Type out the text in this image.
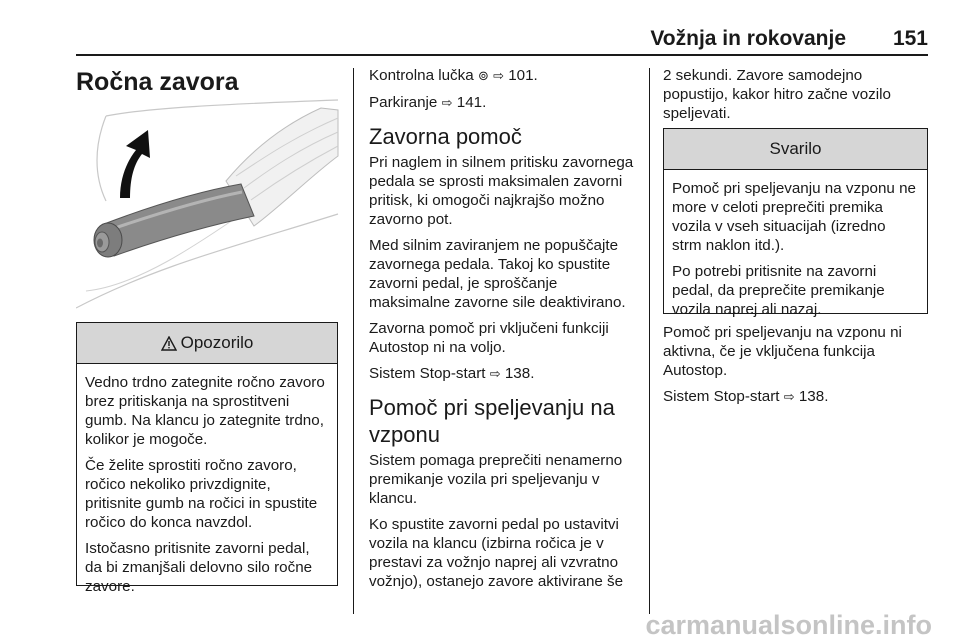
Vožnja in rokovanje 151
Ročna zavora
Opozorilo

Vedno trdno zategnite ročno zavoro brez pritiskanja na sprostitveni gumb. Na klancu jo zategnite trdno, kolikor je mogoče.

Če želite sprostiti ročno zavoro, ročico nekoliko privzdignite, pritisnite gumb na ročici in spustite ročico do konca navzdol.

Istočasno pritisnite zavorni pedal, da bi zmanjšali delovno silo ročne zavore.

Kontrolna lučka ⊚ ⇨ 101.

Parkiranje ⇨ 141.

Zavorna pomoč

Pri naglem in silnem pritisku zavornega pedala se sprosti maksimalen zavorni pritisk, ki omogoči najkrajšo možno zavorno pot.

Med silnim zaviranjem ne popuščajte zavornega pedala. Takoj ko spustite zavorni pedal, je sproščanje maksimalne zavorne sile deaktivirano.

Zavorna pomoč pri vključeni funkciji Autostop ni na voljo.

Sistem Stop-start ⇨ 138.

Pomoč pri speljevanju na vzponu

Sistem pomaga preprečiti nenamerno premikanje vozila pri speljevanju v klancu.

Ko spustite zavorni pedal po ustavitvi vozila na klancu (izbirna ročica je v prestavi za vožnjo naprej ali vzvratno vožnjo), ostanejo zavore aktivirane še

2 sekundi. Zavore samodejno popustijo, kakor hitro začne vozilo speljevati.

Svarilo

Pomoč pri speljevanju na vzponu ne more v celoti preprečiti premika vozila v vseh situacijah (izredno strm naklon itd.).

Po potrebi pritisnite na zavorni pedal, da preprečite premikanje vozila naprej ali nazaj.

Pomoč pri speljevanju na vzponu ni aktivna, če je vključena funkcija Autostop.

Sistem Stop-start ⇨ 138.

carmanualsonline.info
